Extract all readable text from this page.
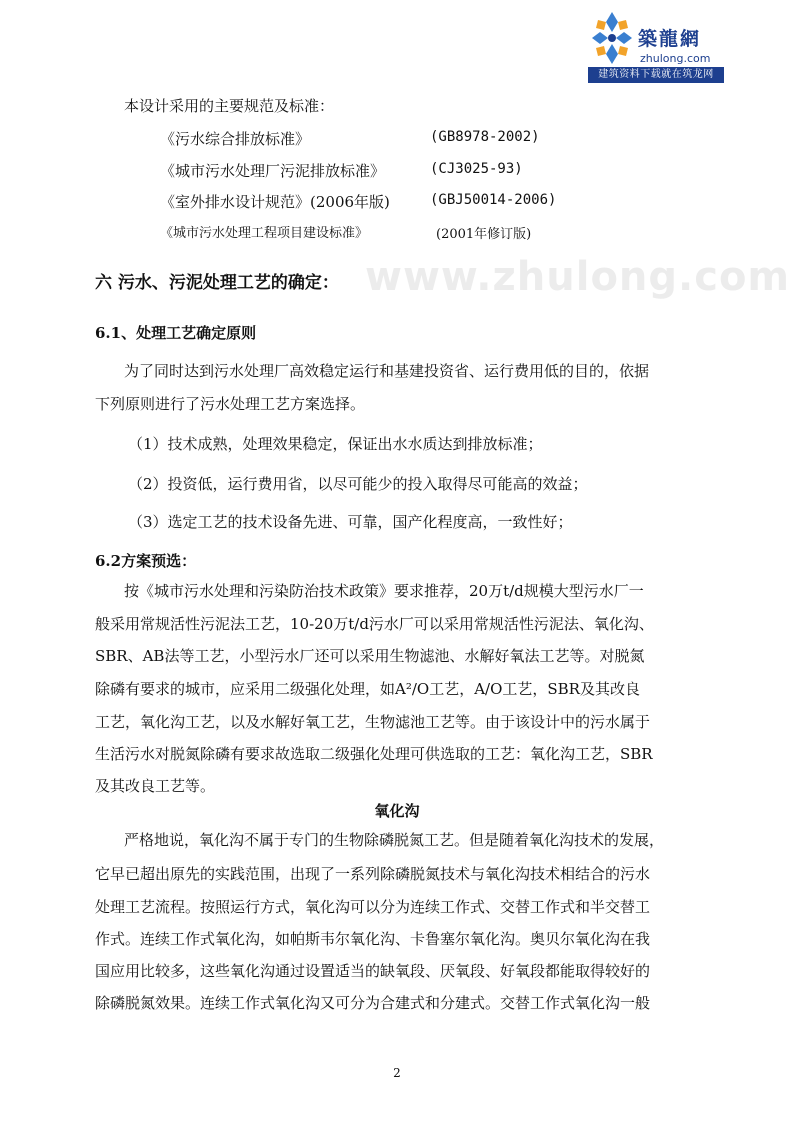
築龍網
zhulong.com
建筑资料下载就在筑龙网
本设计采用的主要规范及标准：
《污水综合排放标准》	(GB8978-2002)
《城市污水处理厂污泥排放标准》	(CJ3025-93)
《室外排水设计规范》(2006年版)	(GBJ50014-2006)
《城市污水处理工程项目建设标准》	(2001年修订版)
www.zhulong.com
六 污水、污泥处理工艺的确定：
6.1、处理工艺确定原则
为了同时达到污水处理厂高效稳定运行和基建投资省、运行费用低的目的，依据
下列原则进行了污水处理工艺方案选择。
（1）技术成熟，处理效果稳定，保证出水水质达到排放标准；
（2）投资低，运行费用省，以尽可能少的投入取得尽可能高的效益；
（3）选定工艺的技术设备先进、可靠，国产化程度高，一致性好；
6.2方案预选：
按《城市污水处理和污染防治技术政策》要求推荐，20万t/d规模大型污水厂一
般采用常规活性污泥法工艺，10-20万t/d污水厂可以采用常规活性污泥法、氧化沟、
SBR、AB法等工艺，小型污水厂还可以采用生物滤池、水解好氧法工艺等。对脱氮
除磷有要求的城市，应采用二级强化处理，如A²/O工艺，A/O工艺，SBR及其改良
工艺，氧化沟工艺，以及水解好氧工艺，生物滤池工艺等。由于该设计中的污水属于
生活污水对脱氮除磷有要求故选取二级强化处理可供选取的工艺：氧化沟工艺，SBR
及其改良工艺等。
氧化沟
严格地说，氧化沟不属于专门的生物除磷脱氮工艺。但是随着氧化沟技术的发展，
它早已超出原先的实践范围，出现了一系列除磷脱氮技术与氧化沟技术相结合的污水
处理工艺流程。按照运行方式，氧化沟可以分为连续工作式、交替工作式和半交替工
作式。连续工作式氧化沟，如帕斯韦尔氧化沟、卡鲁塞尔氧化沟。奥贝尔氧化沟在我
国应用比较多，这些氧化沟通过设置适当的缺氧段、厌氧段、好氧段都能取得较好的
除磷脱氮效果。连续工作式氧化沟又可分为合建式和分建式。交替工作式氧化沟一般
2
